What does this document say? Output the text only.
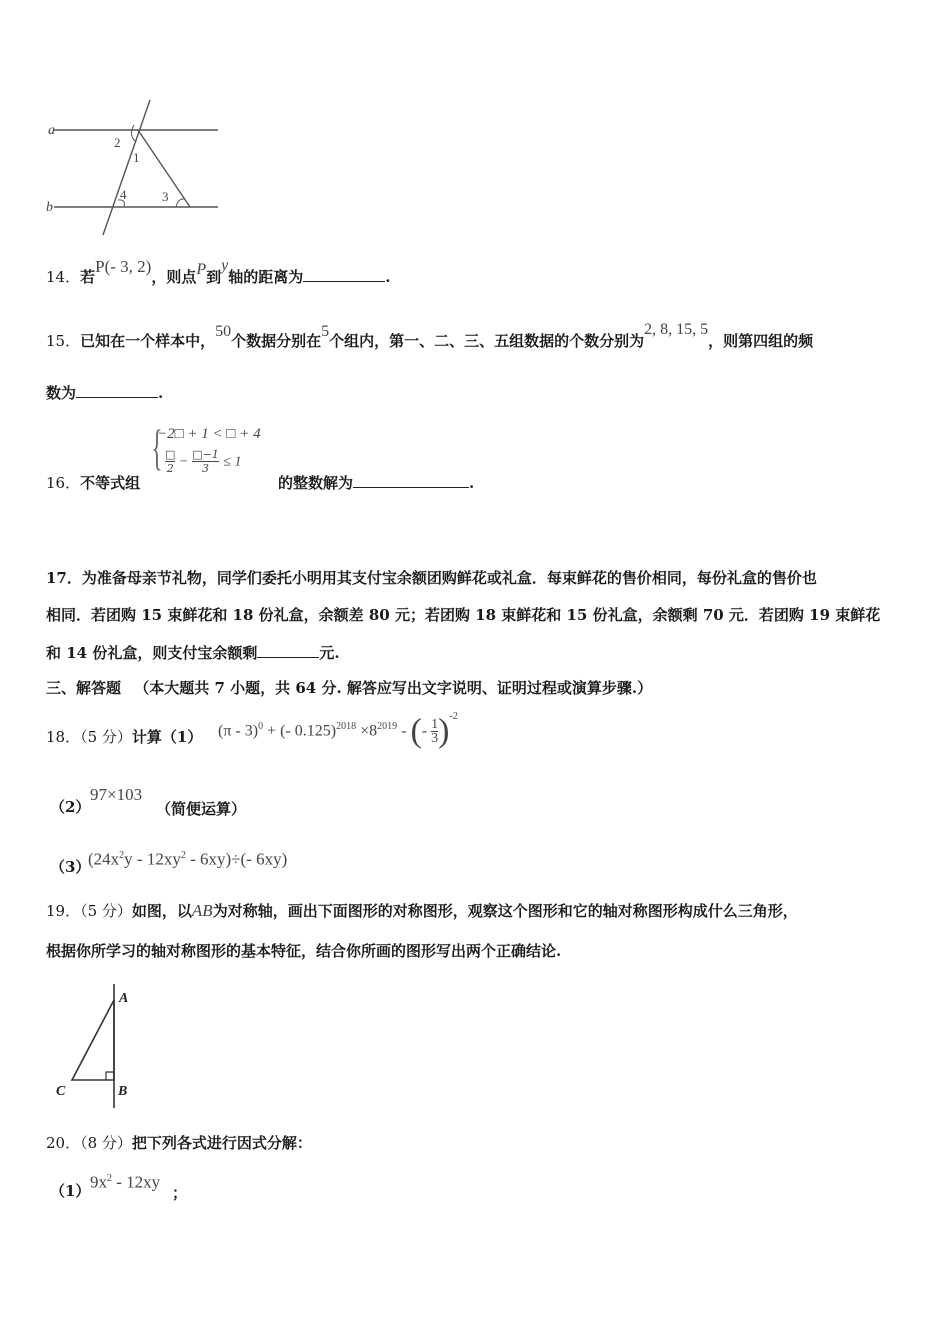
a
b
2
1
4	3
14．若P(- 3, 2)，则点P到y轴的距离为	.
15．已知在一个样本中，50个数据分别在5个组内，第一、二、三、五组数据的个数分别为2, 8, 15, 5，则第四组的频
数为	.
16．不等式组
{
−2□ + 1 < □ + 4
$\frac{□}{2} - \frac{□-1}{3} \le 1$
的整数解为	.
17．为准备母亲节礼物，同学们委托小明用其支付宝余额团购鲜花或礼盒．每束鲜花的售价相同，每份礼盒的售价也
相同．若团购 15 束鲜花和 18 份礼盒，余额差 80 元；若团购 18 束鲜花和 15 份礼盒，余额剩 70 元．若团购 19 束鲜花
和 14 份礼盒，则支付宝余额剩	元.
三、解答题 （本大题共 7 小题，共 64 分. 解答应写出文字说明、证明过程或演算步骤.）
18．（5 分）计算（1） (π - 3)$^0$ + (- $0.125)^{2018} \times 8^{2019}$ - (- $\frac{1}{3} )^{-2}$
（2）
97×103
（简便运算）
（3）
$(24x^2y - 12xy^2 - 6xy)\div(-$ 6xy)
19．（5 分）如图，以AB为对称轴，画出下面图形的对称图形，观察这个图形和它的轴对称图形构成什么三角形，
根据你所学习的轴对称图形的基本特征，结合你所画的图形写出两个正确结论.
A
B
C
20．（8 分）把下列各式进行因式分解：
（1） $9x^2 - 12xy$
；
